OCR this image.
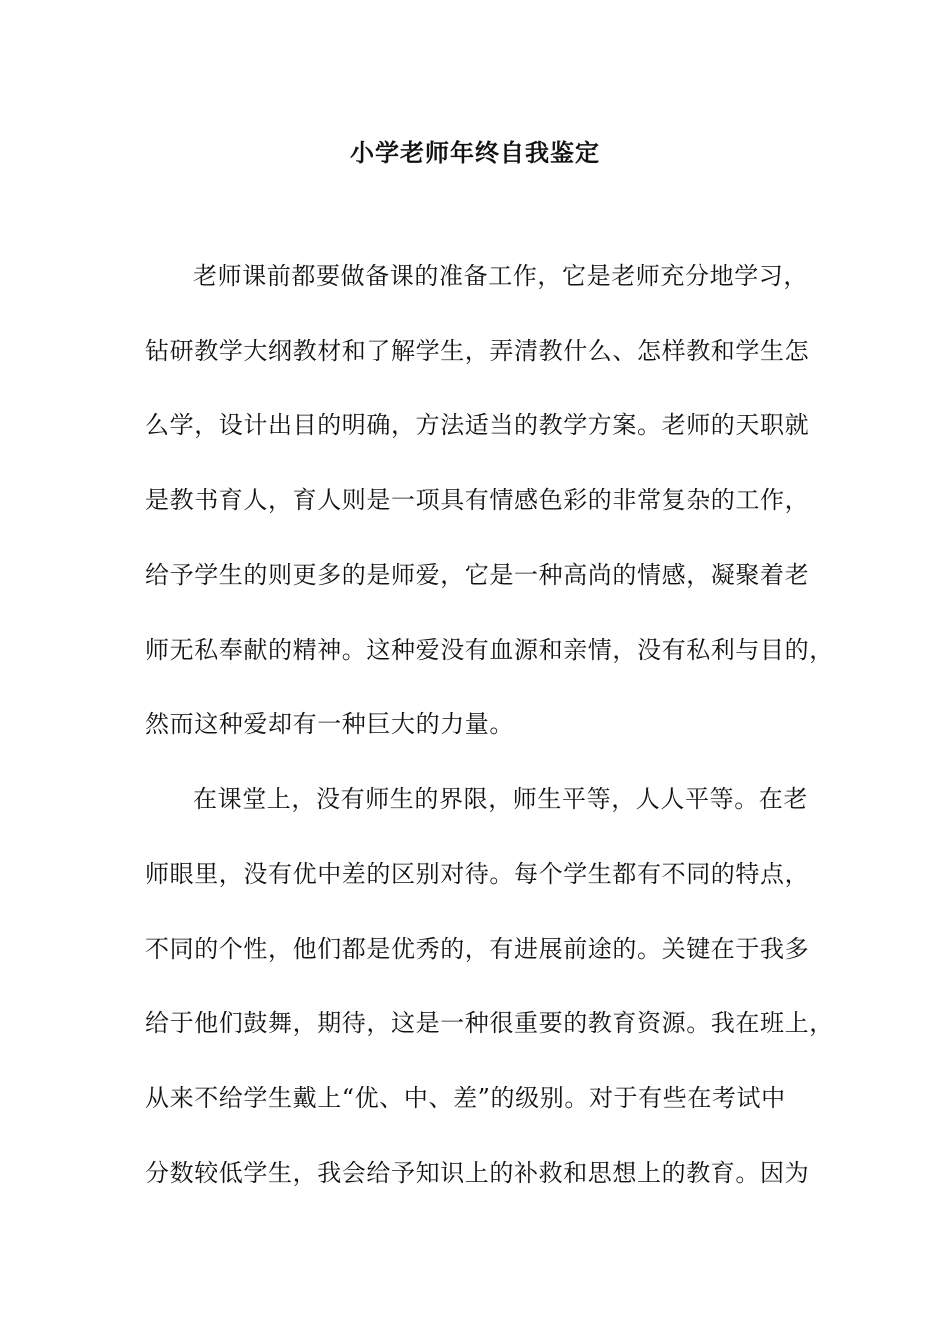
小学老师年终自我鉴定

老师课前都要做备课的准备工作，它是老师充分地学习，

钻研教学大纲教材和了解学生，弄清教什么、怎样教和学生怎

么学，设计出目的明确，方法适当的教学方案。老师的天职就

是教书育人，育人则是一项具有情感色彩的非常复杂的工作，

给予学生的则更多的是师爱，它是一种高尚的情感，凝聚着老

师无私奉献的精神。这种爱没有血源和亲情，没有私利与目的，

然而这种爱却有一种巨大的力量。

在课堂上，没有师生的界限，师生平等，人人平等。在老

师眼里，没有优中差的区别对待。每个学生都有不同的特点，

不同的个性，他们都是优秀的，有进展前途的。关键在于我多

给于他们鼓舞，期待，这是一种很重要的教育资源。我在班上，

从来不给学生戴上“优、中、差”的级别。对于有些在考试中

分数较低学生，我会给予知识上的补救和思想上的教育。因为
